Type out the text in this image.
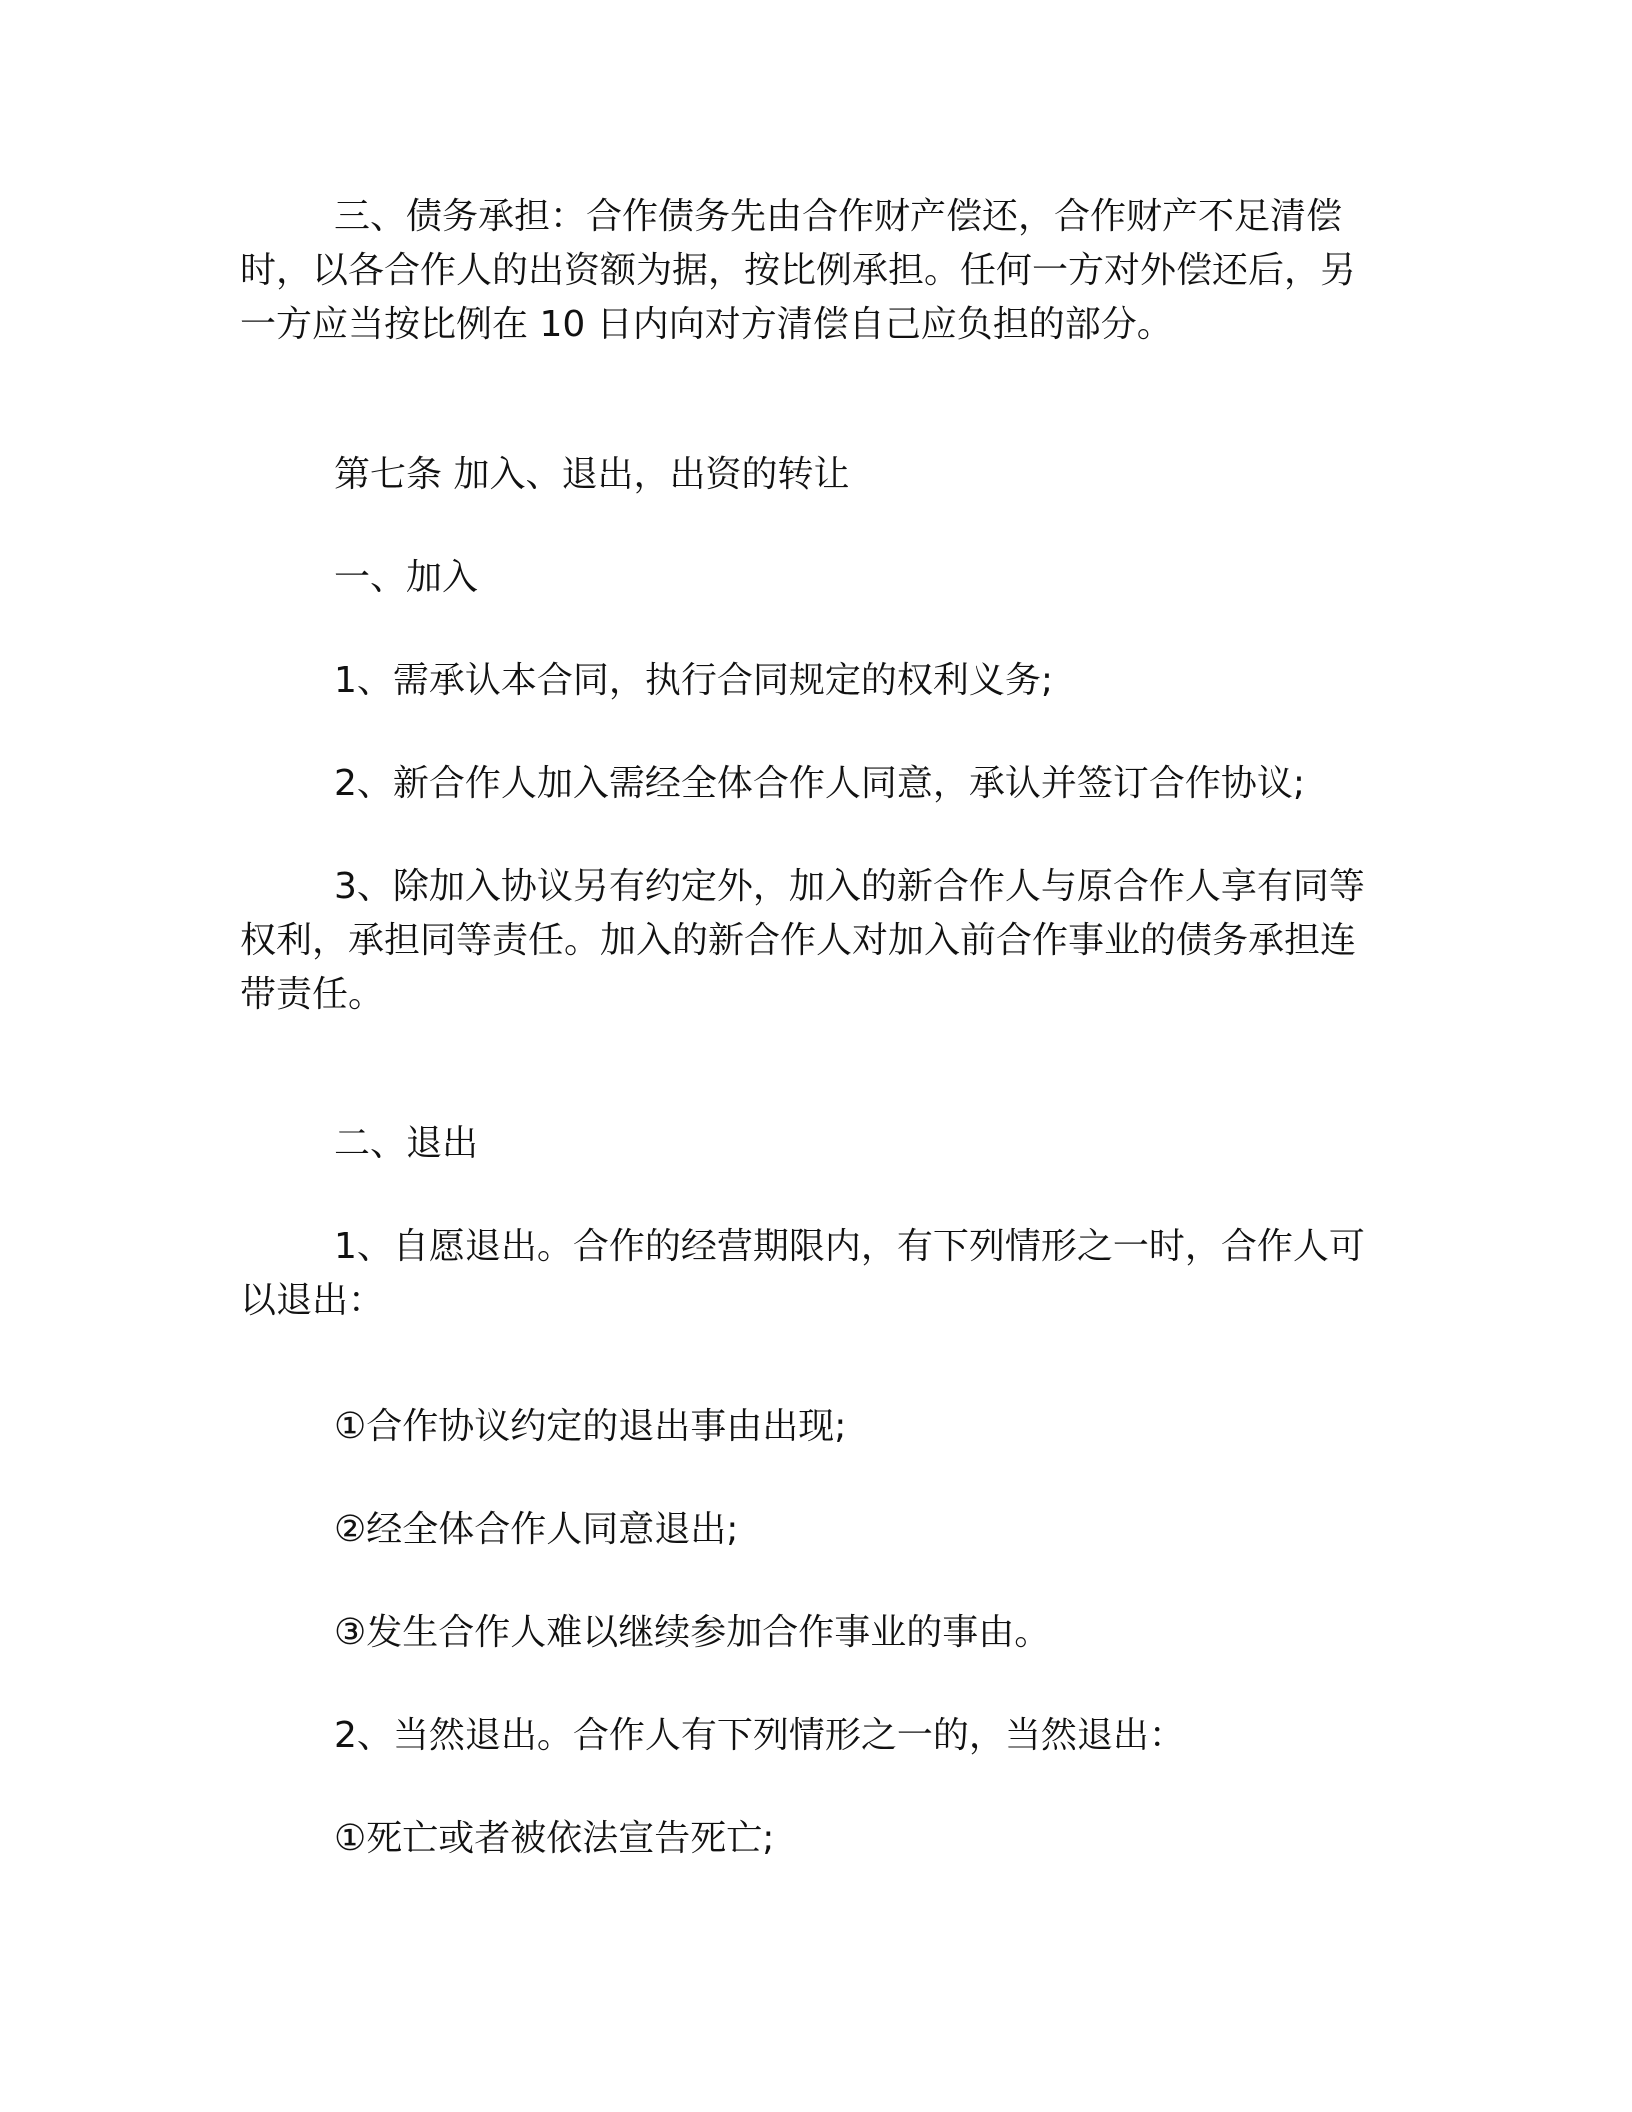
三、债务承担：合作债务先由合作财产偿还，合作财产不足清偿时，以各合作人的出资额为据，按比例承担。任何一方对外偿还后，另一方应当按比例在 10 日内向对方清偿自己应负担的部分。

第七条 加入、退出，出资的转让

一、加入

1、需承认本合同，执行合同规定的权利义务;

2、新合作人加入需经全体合作人同意，承认并签订合作协议;

3、除加入协议另有约定外，加入的新合作人与原合作人享有同等权利，承担同等责任。加入的新合作人对加入前合作事业的债务承担连带责任。

二、退出

1、自愿退出。合作的经营期限内，有下列情形之一时，合作人可以退出：

①合作协议约定的退出事由出现;

②经全体合作人同意退出;

③发生合作人难以继续参加合作事业的事由。

2、当然退出。合作人有下列情形之一的，当然退出：

①死亡或者被依法宣告死亡;
